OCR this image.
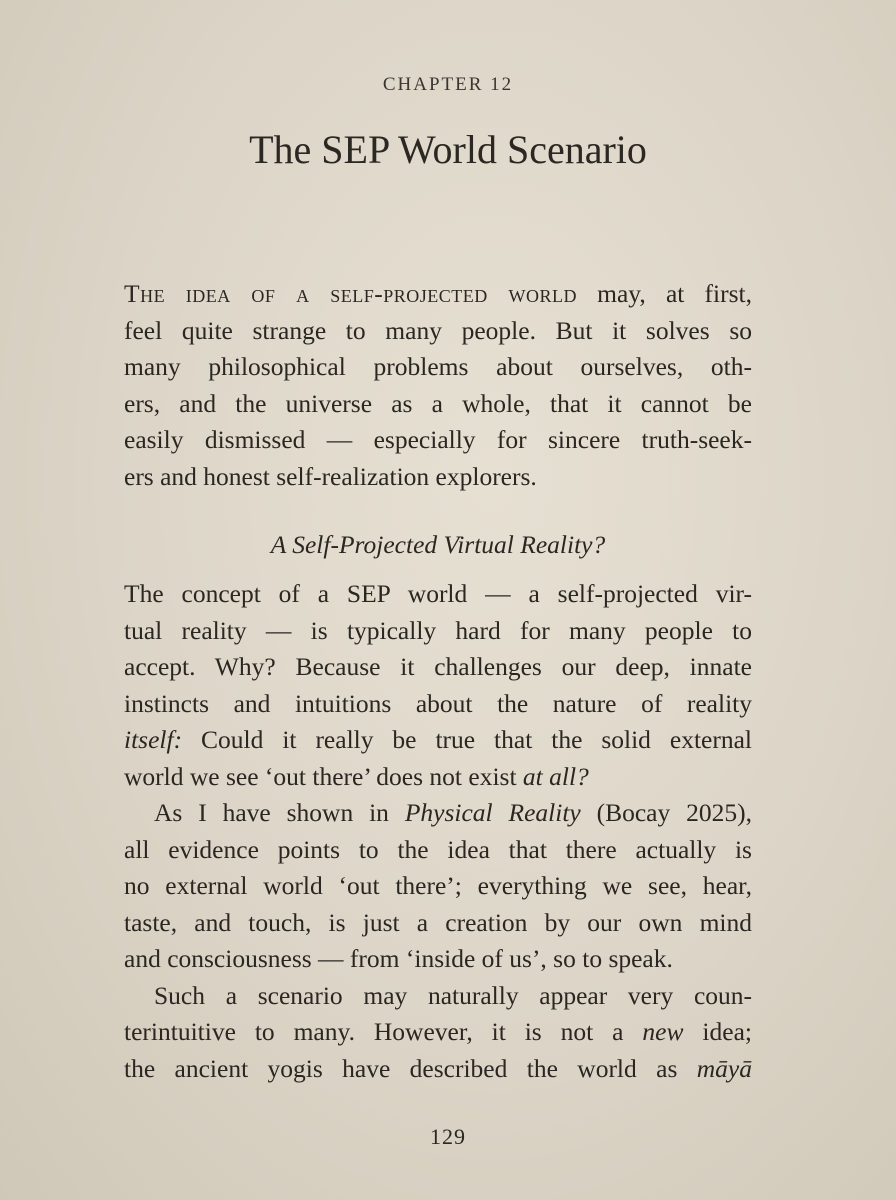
CHAPTER 12
The SEP World Scenario
The idea of a self-projected world may, at first,
feel quite strange to many people. But it solves so
many philosophical problems about ourselves, oth-
ers, and the universe as a whole, that it cannot be
easily dismissed — especially for sincere truth-seek-
ers and honest self-realization explorers.
A Self-Projected Virtual Reality?
The concept of a SEP world — a self-projected vir-
tual reality — is typically hard for many people to
accept. Why? Because it challenges our deep, innate
instincts and intuitions about the nature of reality
itself: Could it really be true that the solid external
world we see ‘out there’ does not exist at all?
As I have shown in Physical Reality (Bocay 2025),
all evidence points to the idea that there actually is
no external world ‘out there’; everything we see, hear,
taste, and touch, is just a creation by our own mind
and consciousness — from ‘inside of us’, so to speak.
Such a scenario may naturally appear very coun-
terintuitive to many. However, it is not a new idea;
the ancient yogis have described the world as māyā
129
